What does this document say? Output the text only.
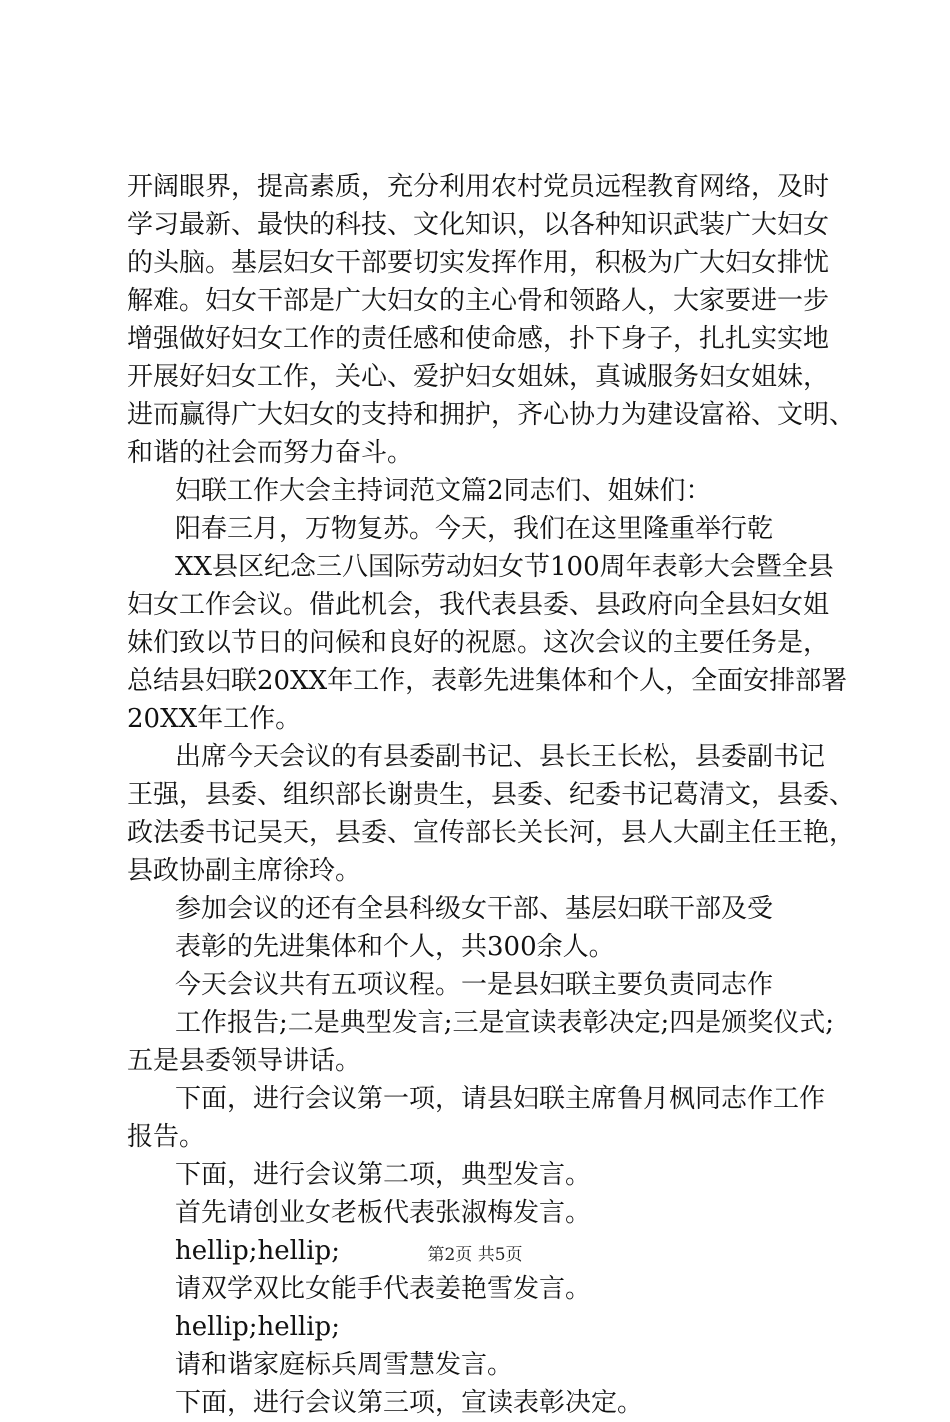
开阔眼界，提高素质，充分利用农村党员远程教育网络，及时
学习最新、最快的科技、文化知识，以各种知识武装广大妇女
的头脑。基层妇女干部要切实发挥作用，积极为广大妇女排忧
解难。妇女干部是广大妇女的主心骨和领路人，大家要进一步
增强做好妇女工作的责任感和使命感，扑下身子，扎扎实实地
开展好妇女工作，关心、爱护妇女姐妹，真诚服务妇女姐妹，
进而赢得广大妇女的支持和拥护，齐心协力为建设富裕、文明、
和谐的社会而努力奋斗。
妇联工作大会主持词范文篇2同志们、姐妹们：
阳春三月，万物复苏。今天，我们在这里隆重举行乾
XX县区纪念三八国际劳动妇女节100周年表彰大会暨全县
妇女工作会议。借此机会，我代表县委、县政府向全县妇女姐
妹们致以节日的问候和良好的祝愿。这次会议的主要任务是，
总结县妇联20XX年工作，表彰先进集体和个人，全面安排部署
20XX年工作。
出席今天会议的有县委副书记、县长王长松，县委副书记
王强，县委、组织部长谢贵生，县委、纪委书记葛清文，县委、
政法委书记吴天，县委、宣传部长关长河，县人大副主任王艳，
县政协副主席徐玲。
参加会议的还有全县科级女干部、基层妇联干部及受
表彰的先进集体和个人，共300余人。
今天会议共有五项议程。一是县妇联主要负责同志作
工作报告;二是典型发言;三是宣读表彰决定;四是颁奖仪式;
五是县委领导讲话。
下面，进行会议第一项，请县妇联主席鲁月枫同志作工作
报告。
下面，进行会议第二项，典型发言。
首先请创业女老板代表张淑梅发言。
hellip;hellip;
请双学双比女能手代表姜艳雪发言。
hellip;hellip;
请和谐家庭标兵周雪慧发言。
下面，进行会议第三项，宣读表彰决定。
第2页 共5页
